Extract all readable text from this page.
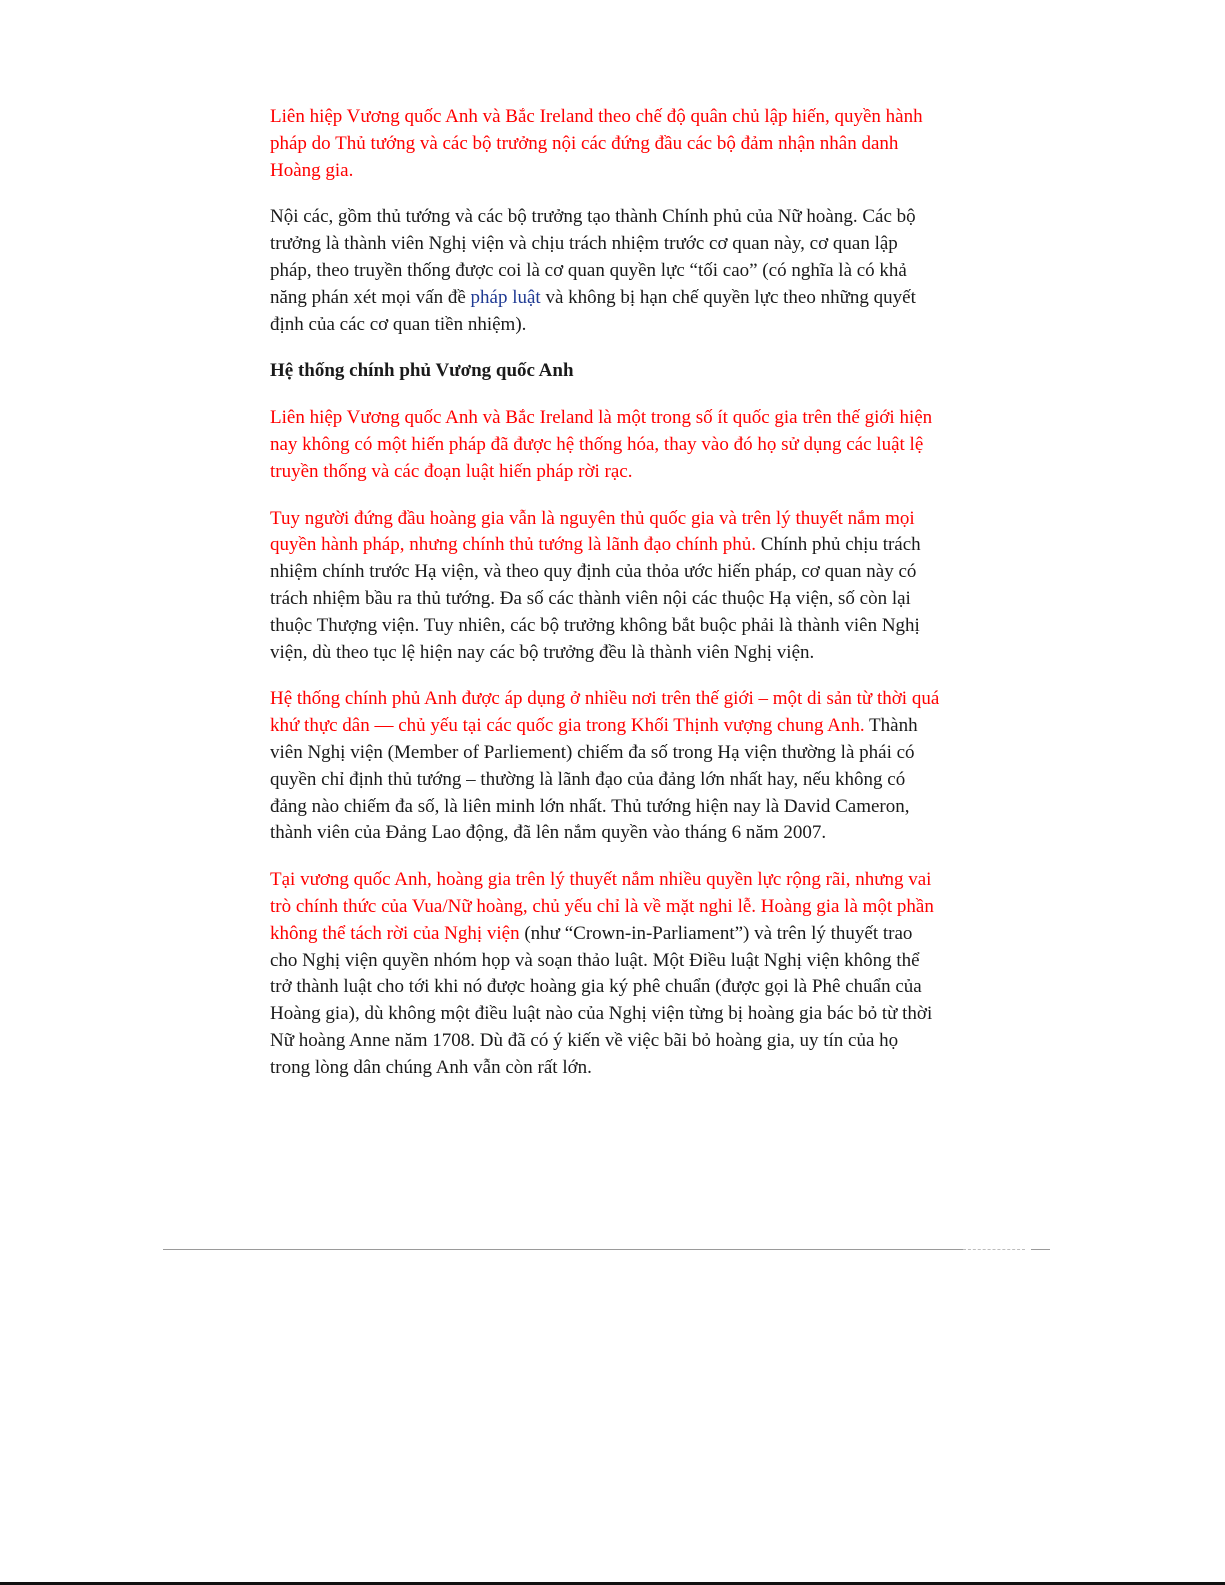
Liên hiệp Vương quốc Anh và Bắc Ireland theo chế độ quân chủ lập hiến, quyền hành pháp do Thủ tướng và các bộ trưởng nội các đứng đầu các bộ đảm nhận nhân danh Hoàng gia.

Nội các, gồm thủ tướng và các bộ trưởng tạo thành Chính phủ của Nữ hoàng. Các bộ trưởng là thành viên Nghị viện và chịu trách nhiệm trước cơ quan này, cơ quan lập pháp, theo truyền thống được coi là cơ quan quyền lực “tối cao” (có nghĩa là có khả năng phán xét mọi vấn đề pháp luật và không bị hạn chế quyền lực theo những quyết định của các cơ quan tiền nhiệm).

Hệ thống chính phủ Vương quốc Anh

Liên hiệp Vương quốc Anh và Bắc Ireland là một trong số ít quốc gia trên thế giới hiện nay không có một hiến pháp đã được hệ thống hóa, thay vào đó họ sử dụng các luật lệ truyền thống và các đoạn luật hiến pháp rời rạc.

Tuy người đứng đầu hoàng gia vẫn là nguyên thủ quốc gia và trên lý thuyết nắm mọi quyền hành pháp, nhưng chính thủ tướng là lãnh đạo chính phủ. Chính phủ chịu trách nhiệm chính trước Hạ viện, và theo quy định của thỏa ước hiến pháp, cơ quan này có trách nhiệm bầu ra thủ tướng. Đa số các thành viên nội các thuộc Hạ viện, số còn lại thuộc Thượng viện. Tuy nhiên, các bộ trưởng không bắt buộc phải là thành viên Nghị viện, dù theo tục lệ hiện nay các bộ trưởng đều là thành viên Nghị viện.

Hệ thống chính phủ Anh được áp dụng ở nhiều nơi trên thế giới – một di sản từ thời quá khứ thực dân — chủ yếu tại các quốc gia trong Khối Thịnh vượng chung Anh. Thành viên Nghị viện (Member of Parliement) chiếm đa số trong Hạ viện thường là phái có quyền chỉ định thủ tướng – thường là lãnh đạo của đảng lớn nhất hay, nếu không có đảng nào chiếm đa số, là liên minh lớn nhất. Thủ tướng hiện nay là David Cameron, thành viên của Đảng Lao động, đã lên nắm quyền vào tháng 6 năm 2007.

Tại vương quốc Anh, hoàng gia trên lý thuyết nắm nhiều quyền lực rộng rãi, nhưng vai trò chính thức của Vua/Nữ hoàng, chủ yếu chỉ là về mặt nghi lễ. Hoàng gia là một phần không thể tách rời của Nghị viện (như “Crown-in-Parliament”) và trên lý thuyết trao cho Nghị viện quyền nhóm họp và soạn thảo luật. Một Điều luật Nghị viện không thể trở thành luật cho tới khi nó được hoàng gia ký phê chuẩn (được gọi là Phê chuẩn của Hoàng gia), dù không một điều luật nào của Nghị viện từng bị hoàng gia bác bỏ từ thời Nữ hoàng Anne năm 1708. Dù đã có ý kiến về việc bãi bỏ hoàng gia, uy tín của họ trong lòng dân chúng Anh vẫn còn rất lớn.
